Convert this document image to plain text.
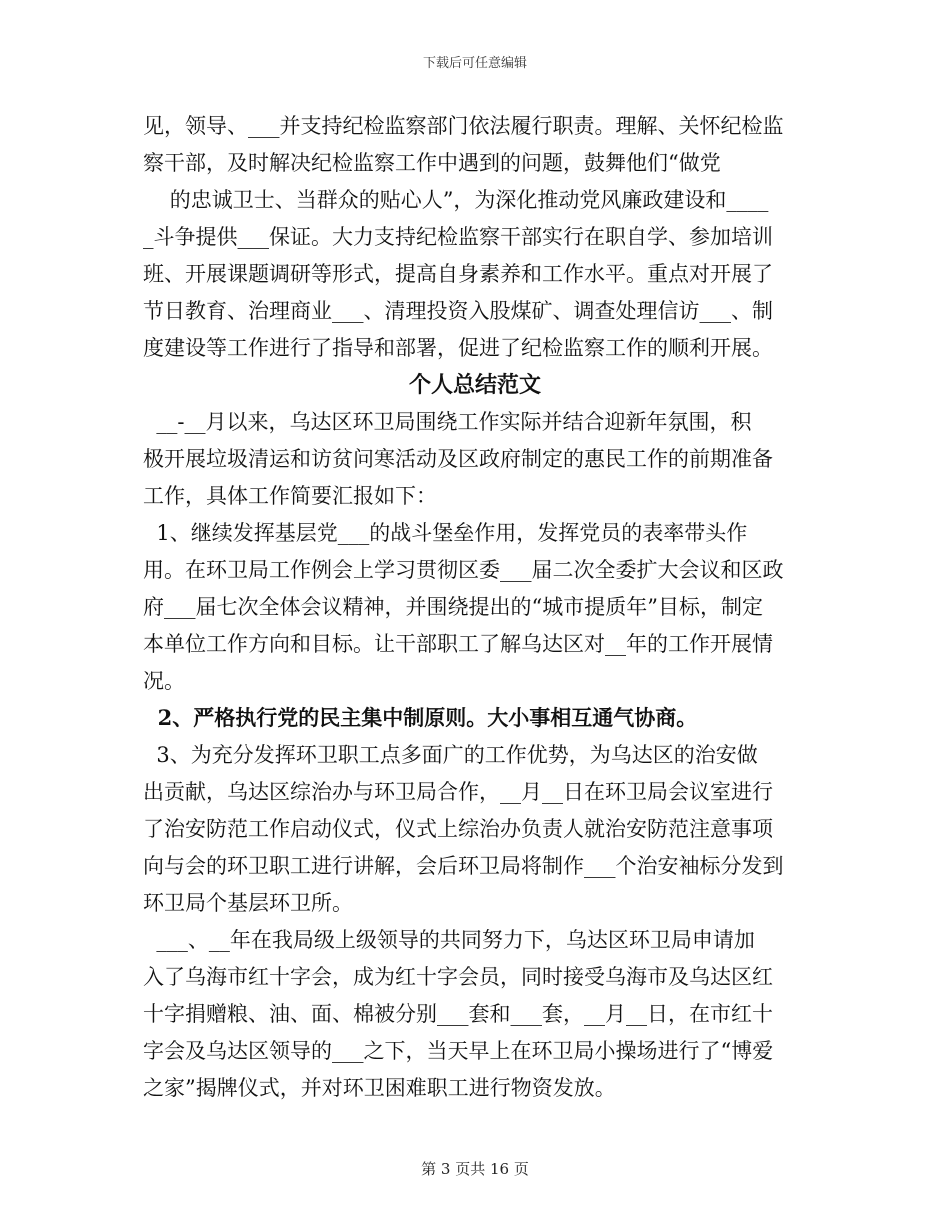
下载后可任意编辑
见，领导、___并支持纪检监察部门依法履行职责。理解、关怀纪检监
察干部，及时解决纪检监察工作中遇到的问题，鼓舞他们“做党
的忠诚卫士、当群众的贴心人”，为深化推动党风廉政建设和____
_斗争提供___保证。大力支持纪检监察干部实行在职自学、参加培训
班、开展课题调研等形式，提高自身素养和工作水平。重点对开展了
节日教育、治理商业___、清理投资入股煤矿、调查处理信访___、制
度建设等工作进行了指导和部署，促进了纪检监察工作的顺利开展。
个人总结范文
__-__月以来，乌达区环卫局围绕工作实际并结合迎新年氛围，积
极开展垃圾清运和访贫问寒活动及区政府制定的惠民工作的前期准备
工作，具体工作简要汇报如下：
1、继续发挥基层党___的战斗堡垒作用，发挥党员的表率带头作
用。在环卫局工作例会上学习贯彻区委___届二次全委扩大会议和区政
府___届七次全体会议精神，并围绕提出的“城市提质年”目标，制定
本单位工作方向和目标。让干部职工了解乌达区对__年的工作开展情
况。
2、严格执行党的民主集中制原则。大小事相互通气协商。
3、为充分发挥环卫职工点多面广的工作优势，为乌达区的治安做
出贡献，乌达区综治办与环卫局合作，__月__日在环卫局会议室进行
了治安防范工作启动仪式，仪式上综治办负责人就治安防范注意事项
向与会的环卫职工进行讲解，会后环卫局将制作___个治安袖标分发到
环卫局个基层环卫所。
___、__年在我局级上级领导的共同努力下，乌达区环卫局申请加
入了乌海市红十字会，成为红十字会员，同时接受乌海市及乌达区红
十字捐赠粮、油、面、棉被分别___套和___套，__月__日，在市红十
字会及乌达区领导的___之下，当天早上在环卫局小操场进行了“博爱
之家”揭牌仪式，并对环卫困难职工进行物资发放。
第 3 页共 16 页
